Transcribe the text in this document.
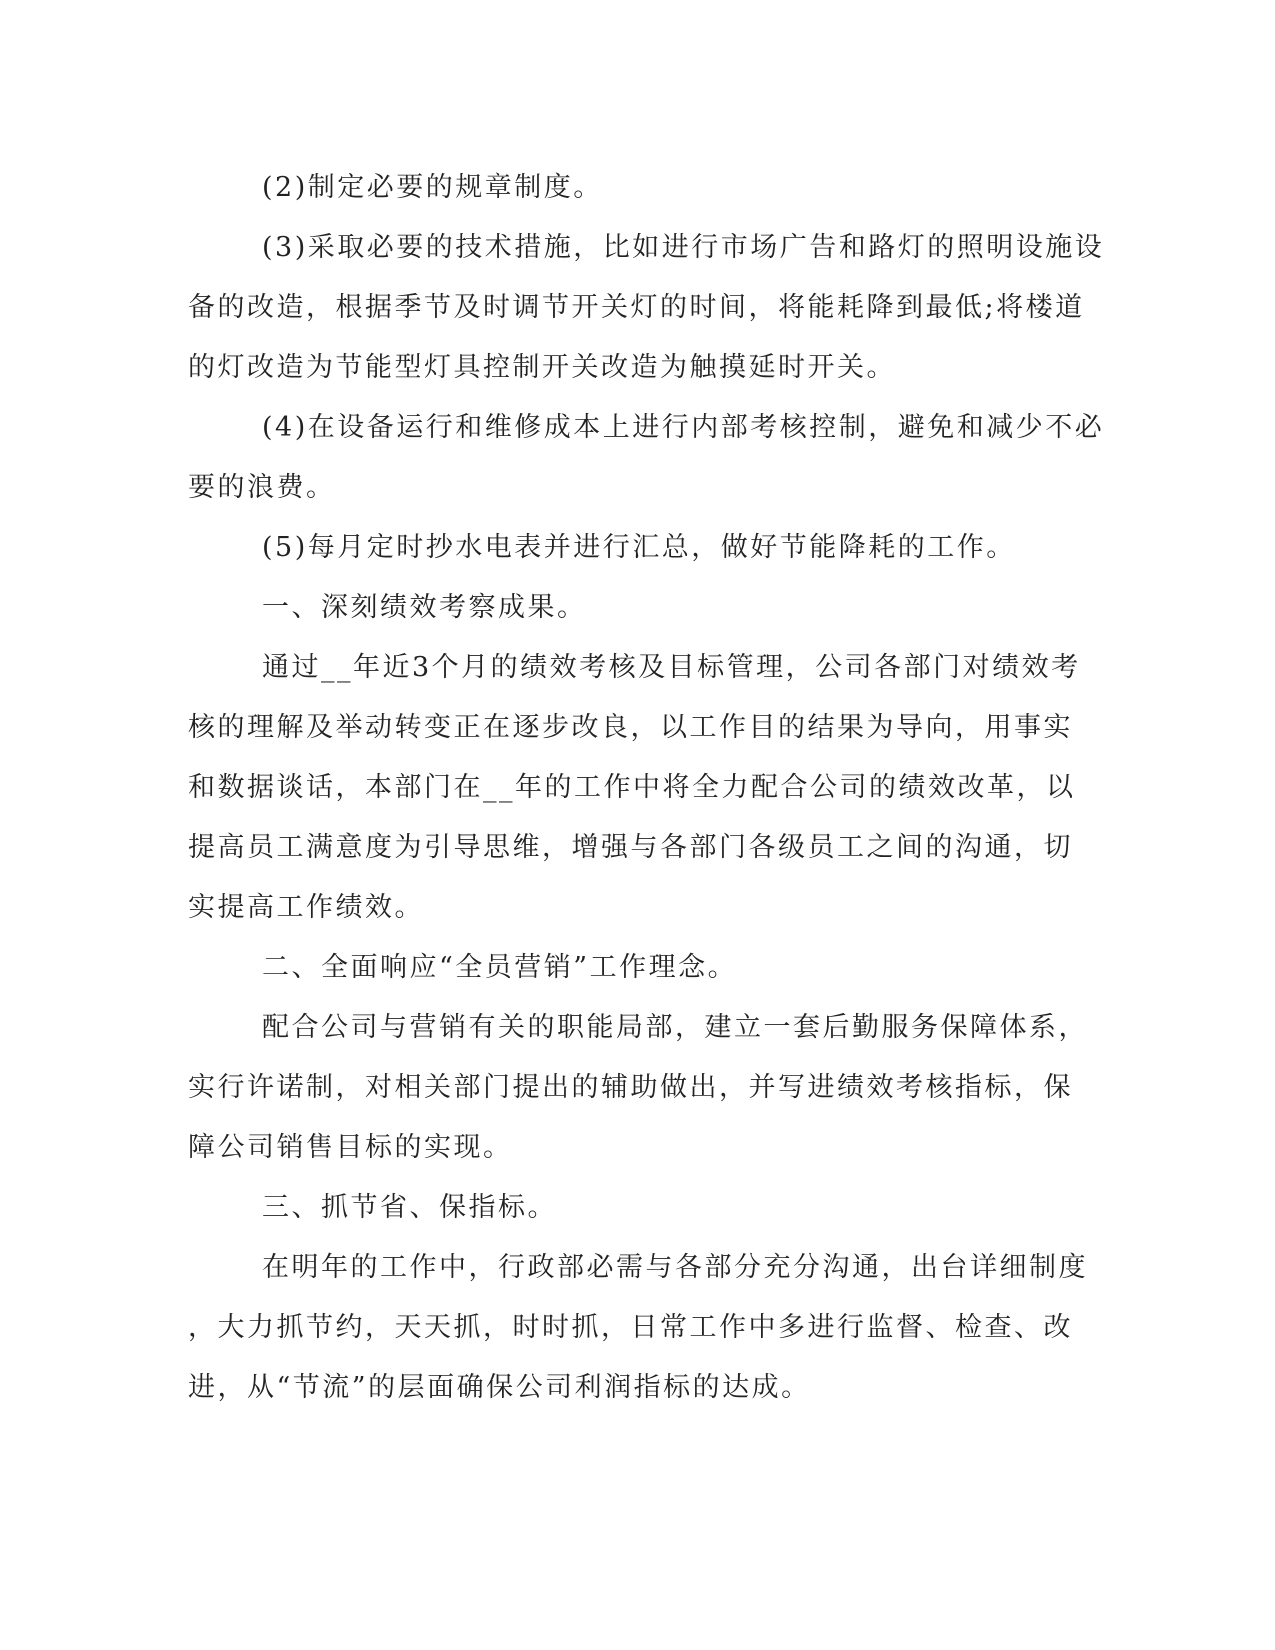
(2)制定必要的规章制度。
(3)采取必要的技术措施，比如进行市场广告和路灯的照明设施设
备的改造，根据季节及时调节开关灯的时间，将能耗降到最低;将楼道
的灯改造为节能型灯具控制开关改造为触摸延时开关。
(4)在设备运行和维修成本上进行内部考核控制，避免和减少不必
要的浪费。
(5)每月定时抄水电表并进行汇总，做好节能降耗的工作。
一、深刻绩效考察成果。
通过__年近3个月的绩效考核及目标管理，公司各部门对绩效考
核的理解及举动转变正在逐步改良，以工作目的结果为导向，用事实
和数据谈话，本部门在__年的工作中将全力配合公司的绩效改革，以
提高员工满意度为引导思维，增强与各部门各级员工之间的沟通，切
实提高工作绩效。
二、全面响应“全员营销”工作理念。
配合公司与营销有关的职能局部，建立一套后勤服务保障体系，
实行许诺制，对相关部门提出的辅助做出，并写进绩效考核指标，保
障公司销售目标的实现。
三、抓节省、保指标。
在明年的工作中，行政部必需与各部分充分沟通，出台详细制度
，大力抓节约，天天抓，时时抓，日常工作中多进行监督、检查、改
进，从“节流”的层面确保公司利润指标的达成。
